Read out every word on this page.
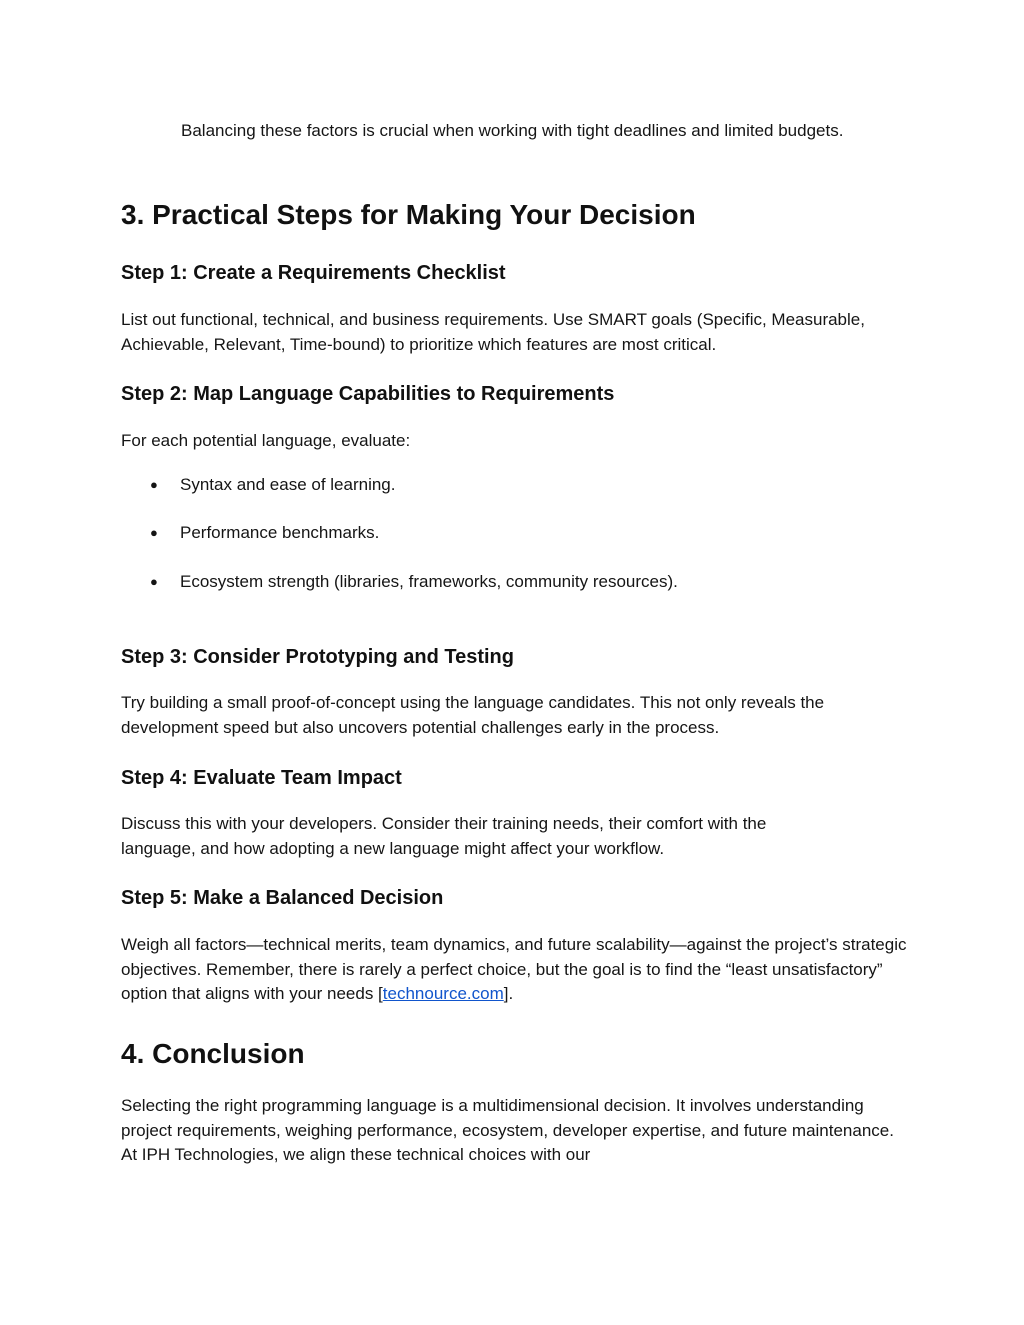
Balancing these factors is crucial when working with tight deadlines and limited budgets.

3. Practical Steps for Making Your Decision
Step 1: Create a Requirements Checklist

List out functional, technical, and business requirements. Use SMART goals (Specific, Measurable, Achievable, Relevant, Time-bound) to prioritize which features are most critical.

Step 2: Map Language Capabilities to Requirements

For each potential language, evaluate:

● Syntax and ease of learning.
● Performance benchmarks.
● Ecosystem strength (libraries, frameworks, community resources).
Step 3: Consider Prototyping and Testing

Try building a small proof-of-concept using the language candidates. This not only reveals the development speed but also uncovers potential challenges early in the process.

Step 4: Evaluate Team Impact

Discuss this with your developers. Consider their training needs, their comfort with the language, and how adopting a new language might affect your workflow.

Step 5: Make a Balanced Decision

Weigh all factors—technical merits, team dynamics, and future scalability—against the project’s strategic objectives. Remember, there is rarely a perfect choice, but the goal is to find the “least unsatisfactory” option that aligns with your needs [technource.com].

4. Conclusion

Selecting the right programming language is a multidimensional decision. It involves understanding project requirements, weighing performance, ecosystem, developer expertise, and future maintenance. At IPH Technologies, we align these technical choices with our
